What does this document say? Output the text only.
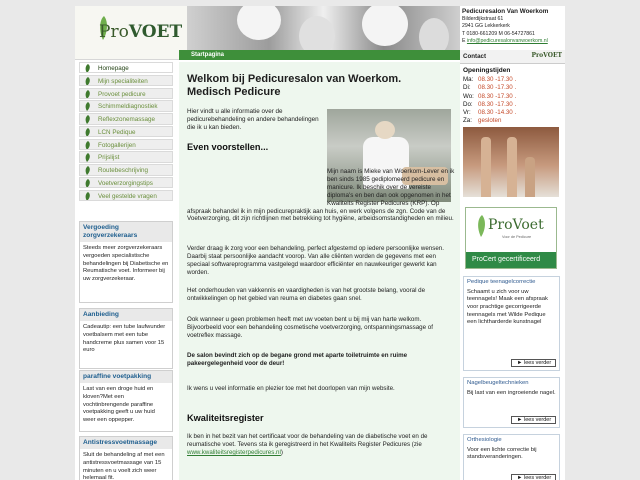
ProVOET
Pedicuresalon Van Woerkom
Bilderdijkstraat 61
2941 GG Lekkerkerk
T 0180-661209 M 06-54727861
E info@pedicuresalonvanwoerkom.nl
Startpagina	Contact	ProVOET
Homepage
Mijn specialiteiten
Provoet pedicure
Schimmeldiagnostiek
Reflexzonemassage
LCN Pedique
Fotogallerijen
Prijslijst
Routebeschrijving
Voetverzorgingstips
Veel gestelde vragen
Vergoeding zorgverzekeraars

Steeds meer zorgverzekeraars vergoeden specialistische behandelingen bij Diabetische en Reumatische voet. Informeer bij uw zorgverzekeraar.

Aanbieding

Cadeautip: een tube laufwunder voetbalsem met een tube handcreme plus samen voor 15 euro

paraffine voetpakking

Last van een droge huid en kloven?Met een vochtinbrengende paraffine voetpakking geeft u uw huid weer een oppepper.

Antistressvoetmassage

Sluit de behandeling af met een antistressvoetmassage van 15 minuten en u voelt zich weer helemaal fit.

Welkom bij Pedicuresalon van Woerkom.
Medisch Pedicure
Hier vindt u alle informatie over de pedicurebehandeling en andere behandelingen die ik u kan bieden.
Even voorstellen...
Mijn naam is Mieke van Woerkom-Lever en ik ben sinds 1985 gediplomeerd pedicure en manicure. Ik beschik over de vereiste diploma's en ben dan ook opgenomen in het Kwaliteits Register Pedicures (KRP). Op afspraak behandel ik in mijn pedicurepraktijk aan huis, en werk volgens de zgn. Code van de Voetverzorging, dit zijn richtlijnen met betrekking tot hygiëne, arbeidsomstandigheden en milieu.
Verder draag ik zorg voor een behandeling, perfect afgestemd op iedere persoonlijke wensen. Daarbij staat persoonlijke aandacht voorop. Van alle cliënten worden de gegevens met een speciaal softwareprogramma vastgelegd waardoor efficiënter en nauwkeuriger gewerkt kan worden.
Het onderhouden van vakkennis en vaardigheden is van het grootste belang, vooral de ontwikkelingen op het gebied van reuma en diabetes gaan snel.
Ook wanneer u geen problemen heeft met uw voeten bent u bij mij van harte welkom. Bijvoorbeeld voor een behandeling cosmetische voetverzorging, ontspanningsmassage of voetreflex massage.
De salon bevindt zich op de begane grond met aparte toiletruimte en ruime pakeergelegenheid voor de deur!
Ik wens u veel informatie en plezier toe met het doorlopen van mijn website.
Kwaliteitsregister
Ik ben in het bezit van het certificaat voor de behandeling van de diabetische voet en de reumatische voet. Tevens sta ik geregistreerd in het Kwaliteits Register Pedicures (zie www.kwaliteitsregisterpedicures.nl)
Openingstijden
Ma: 08.30 -17.30 .
Di: 08.30 -17.30 .
Wo: 08.30 -17.30 .
Do: 08.30 -17.30 .
Vr: 08.30 -14.30 .
Za: gesloten
ProVoet
Voor de Pedicure
ProCert gecertificeerd
Pedique teenagelcorrectie

Schaamt u zich voor uw teennagels! Maak een afspraak voor prachtige gecorrigeerde teennagels met Wilde Pedique een lichtharderde kunstnagel

► lees verder
Nagelbeugeltechnieken

Bij last van een ingroeiende nagel.

► lees verder
Orthesiologie

Voor een lichte correctie bij standsveranderingen.

► lees verder
